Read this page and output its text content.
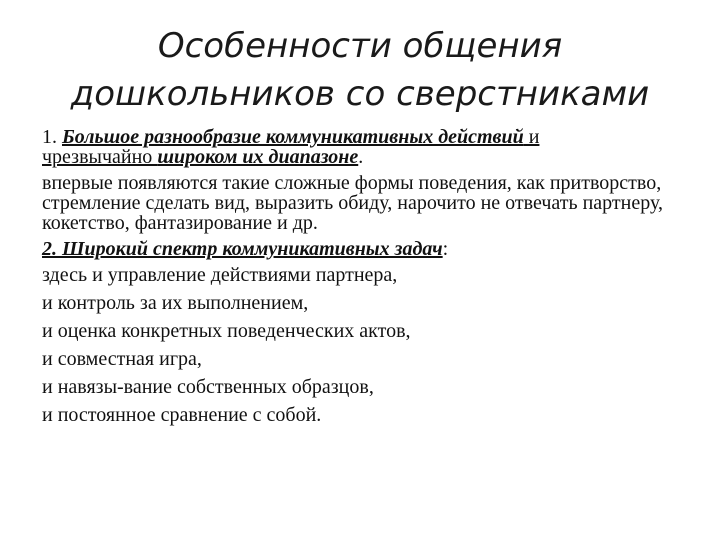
Особенности общения
дошкольников со сверстниками

1. Большое разнообразие коммуникативных действий и
чрезвычайно широком их диапазоне.

впервые появляются такие сложные формы поведения, как притворство, стремление сделать вид, выразить обиду, нарочито не отвечать партнеру, кокетство, фантазирование и др.

2. Широкий спектр коммуникативных задач:

здесь и управление действиями партнера,

и контроль за их выполнением,

и оценка конкретных поведенческих актов,

и совместная игра,

и навязы-вание собственных образцов,

и постоянное сравнение с собой.
